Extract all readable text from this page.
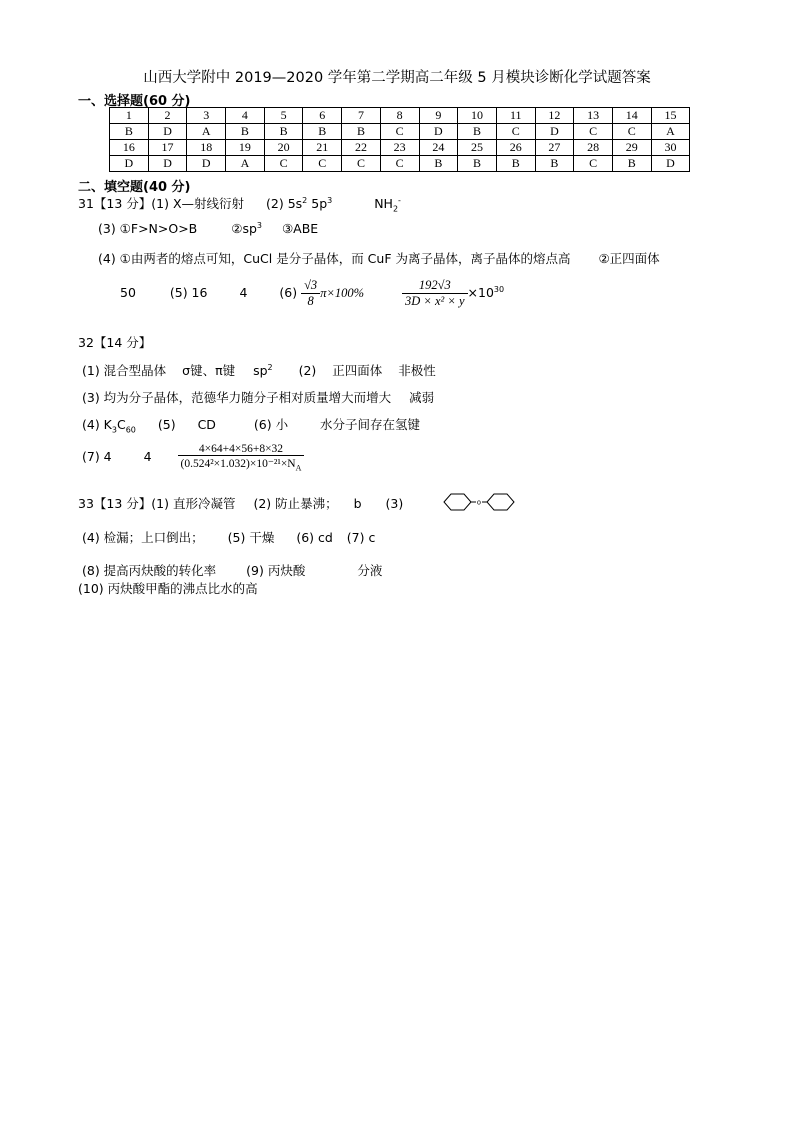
山西大学附中 2019—2020 学年第二学期高二年级 5 月模块诊断化学试题答案
一、选择题(60 分)
1	2	3	4	5	6	7	8	9	10	11	12	13	14	15
B	D	A	B	B	B	B	C	D	B	C	D	C	C	A
16	17	18	19	20	21	22	23	24	25	26	27	28	29	30
D	D	D	A	C	C	C	C	B	B	B	B	C	B	D
二、填空题(40 分)
31【13 分】(1) X—射线衍射 (2) $5s^2$ $5p^3$	$NH_2^-$
(3) ①F>N>O>B	$②sp^3$ ③ABE
(4) ①由两者的熔点可知，CuCl 是分子晶体，而 CuF 为离子晶体，离子晶体的熔点高 ②正四面体
50	(5) 16	4	$(6) \frac{√3}{8} \pi\times 100\%$	$\frac{192√3}{\text{3D × x² × y}} \times 10^{30}$
32【14 分】
(1) 混合型晶体 σ键、π键 $sp^2$ (2) 正四面体 非极性
(3) 均为分子晶体，范德华力随分子相对质量增大而增大 减弱
(4) $K_3C_{60}$ (5) CD	(6) 小	水分子间存在氢键
(7) 4	$4 \frac{4\times 64+4\times 56+8\times 32}{(0.524^2\times 1.032)\times 10^{-21}\times N_A}$
33【13 分】(1) 直形冷凝管 (2) 防止暴沸； b (3)	o
(4) 检漏；上口倒出； (5) 干燥 (6) cd (7) c
(8) 提高丙炔酸的转化率 (9) 丙炔酸	分液
(10) 丙炔酸甲酯的沸点比水的高
